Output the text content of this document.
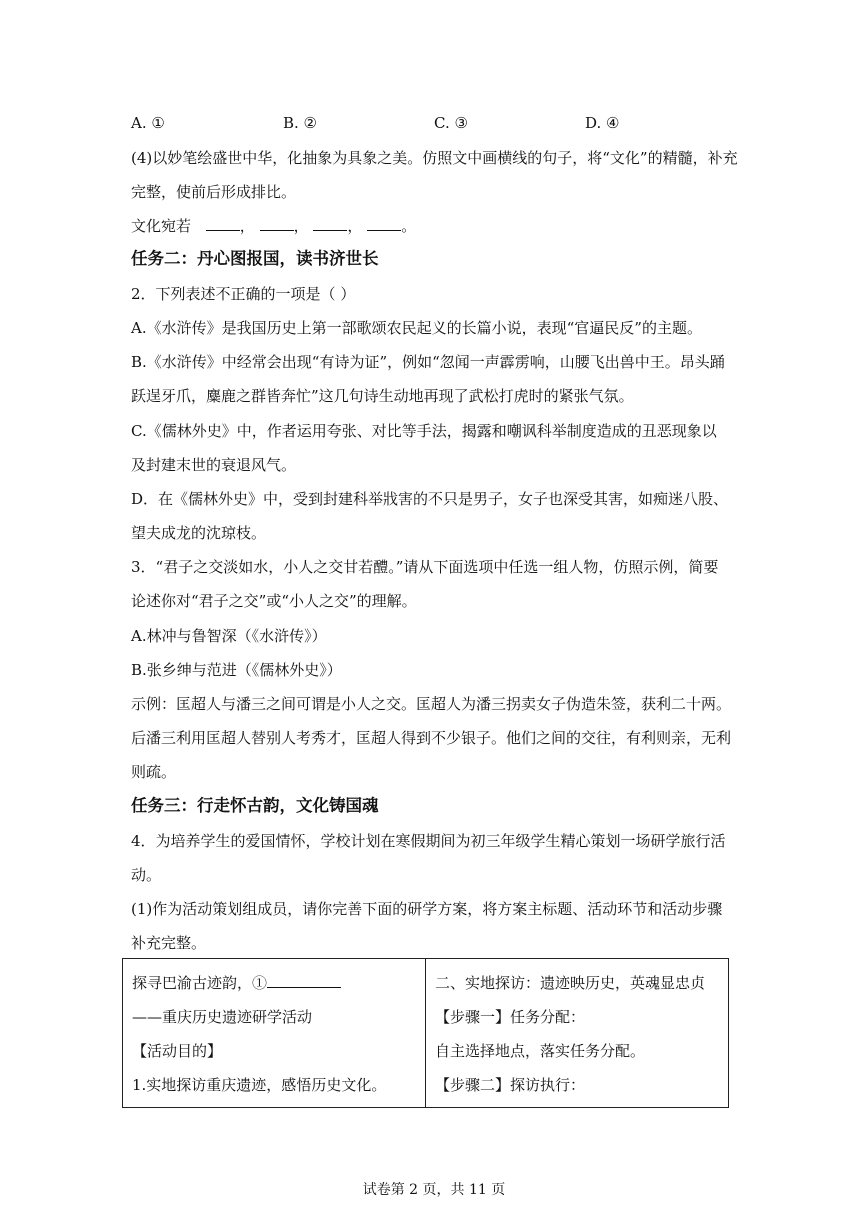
A. ①	B. ②	C. ③	D. ④
(4)以妙笔绘盛世中华，化抽象为具象之美。仿照文中画横线的句子，将“文化”的精髓，补充
完整，使前后形成排比。
文化宛若	，	，	，	。
任务二：丹心图报国，读书济世长
2．下列表述不正确的一项是（ ）
A.《水浒传》是我国历史上第一部歌颂农民起义的长篇小说，表现“官逼民反”的主题。
B.《水浒传》中经常会出现“有诗为证”，例如“忽闻一声霹雳响，山腰飞出兽中王。昂头踊
跃逞牙爪，麋鹿之群皆奔忙”这几句诗生动地再现了武松打虎时的紧张气氛。
C.《儒林外史》中，作者运用夸张、对比等手法，揭露和嘲讽科举制度造成的丑恶现象以
及封建末世的衰退风气。
D．在《儒林外史》中，受到封建科举戕害的不只是男子，女子也深受其害，如痴迷八股、
望夫成龙的沈琼枝。
3．“君子之交淡如水，小人之交甘若醴。”请从下面选项中任选一组人物，仿照示例，简要
论述你对“君子之交”或“小人之交”的理解。
A.林冲与鲁智深（《水浒传》）
B.张乡绅与范进（《儒林外史》）
示例：匡超人与潘三之间可谓是小人之交。匡超人为潘三拐卖女子伪造朱签，获利二十两。
后潘三利用匡超人替别人考秀才，匡超人得到不少银子。他们之间的交往，有利则亲，无利
则疏。
任务三：行走怀古韵，文化铸国魂
4．为培养学生的爱国情怀，学校计划在寒假期间为初三年级学生精心策划一场研学旅行活
动。
(1)作为活动策划组成员，请你完善下面的研学方案，将方案主标题、活动环节和活动步骤
补充完整。
探寻巴渝古迹韵，①
——重庆历史遗迹研学活动
【活动目的】
1.实地探访重庆遗迹，感悟历史文化。

二、实地探访：遗迹映历史，英魂显忠贞
【步骤一】任务分配：
自主选择地点，落实任务分配。
【步骤二】探访执行：
试卷第 2 页，共 11 页
